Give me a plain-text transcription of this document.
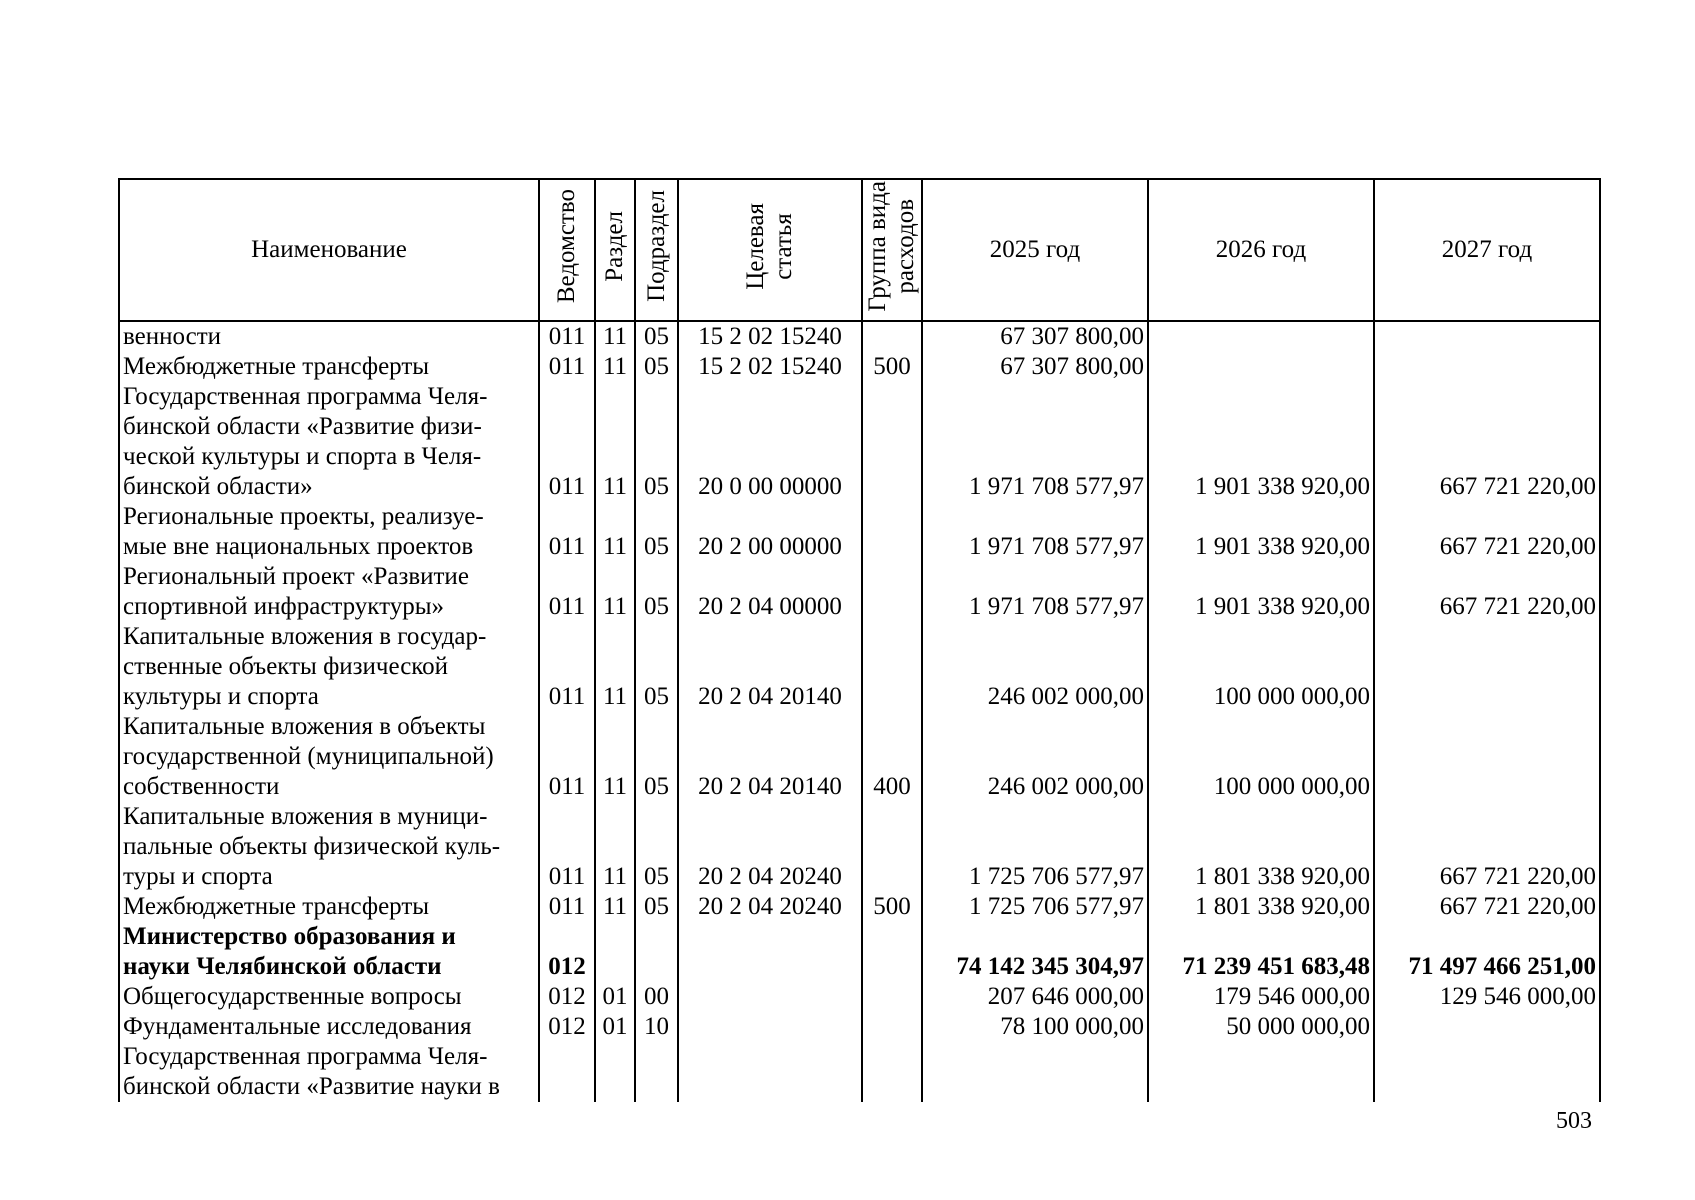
Наименование	Ведомство	Раздел	Подраздел	Целевая
статья	Группа вида
расходов	2025 год	2026 год	2027 год
венности	011	11	05	15 2 02 15240		67 307 800,00		
Межбюджетные трансферты	011	11	05	15 2 02 15240	500	67 307 800,00		
Государственная программа Челя-
бинской области «Развитие физи-
ческой культуры и спорта в Челя-
бинской области»	011	11	05	20 0 00 00000		1 971 708 577,97	1 901 338 920,00	667 721 220,00
Региональные проекты, реализуе-
мые вне национальных проектов	011	11	05	20 2 00 00000		1 971 708 577,97	1 901 338 920,00	667 721 220,00
Региональный проект «Развитие
спортивной инфраструктуры»	011	11	05	20 2 04 00000		1 971 708 577,97	1 901 338 920,00	667 721 220,00
Капитальные вложения в государ-
ственные объекты физической
культуры и спорта	011	11	05	20 2 04 20140		246 002 000,00	100 000 000,00	
Капитальные вложения в объекты
государственной (муниципальной)
собственности	011	11	05	20 2 04 20140	400	246 002 000,00	100 000 000,00	
Капитальные вложения в муници-
пальные объекты физической куль-
туры и спорта	011	11	05	20 2 04 20240		1 725 706 577,97	1 801 338 920,00	667 721 220,00
Межбюджетные трансферты	011	11	05	20 2 04 20240	500	1 725 706 577,97	1 801 338 920,00	667 721 220,00
Министерство образования и
науки Челябинской области	012					74 142 345 304,97	71 239 451 683,48	71 497 466 251,00
Общегосударственные вопросы	012	01	00			207 646 000,00	179 546 000,00	129 546 000,00
Фундаментальные исследования	012	01	10			78 100 000,00	50 000 000,00	
Государственная программа Челя-
бинской области «Развитие науки в								
503
